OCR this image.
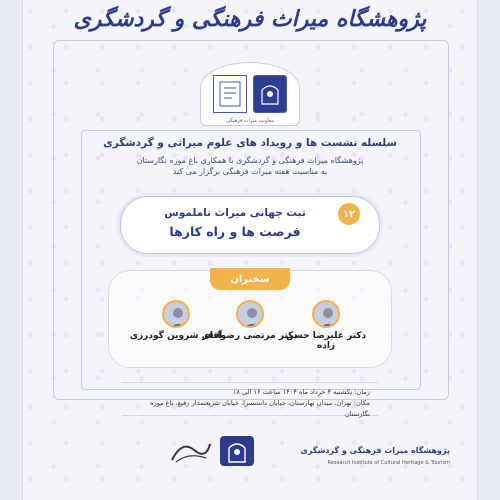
پژوهشگاه میراث فرهنگی و گردشگری
معاونت میراث فرهنگی
سلسله نشست ها و رویداد های علوم میراثی و گردشگری
پژوهشگاه میراث فرهنگی و گردشگری با همکاری باغ موزه نگارستان
به مناسبت هفته میراث فرهنگی برگزار می کند
۱۲
ثبت جهانی میراث ناملموس
فرصت ها و راه کارها
سخنران
دکتر علیرضا حسن زاده
دکتر مرتضی رضوانفر
آقای شروین گودرزی
زمان: یکشنبه ۴ خرداد ماه ۱۴۰۴ ساعت ۱۶ الی ۱۸
مکان: تهران، میدان بهارستان، خیابان دانشسرا، خیابان شریعتمدار رفیع، باغ موزه نگارستان
پژوهشگاه میراث فرهنگی و گردشگری
Research Institute of Cultural Heritage & Tourism
